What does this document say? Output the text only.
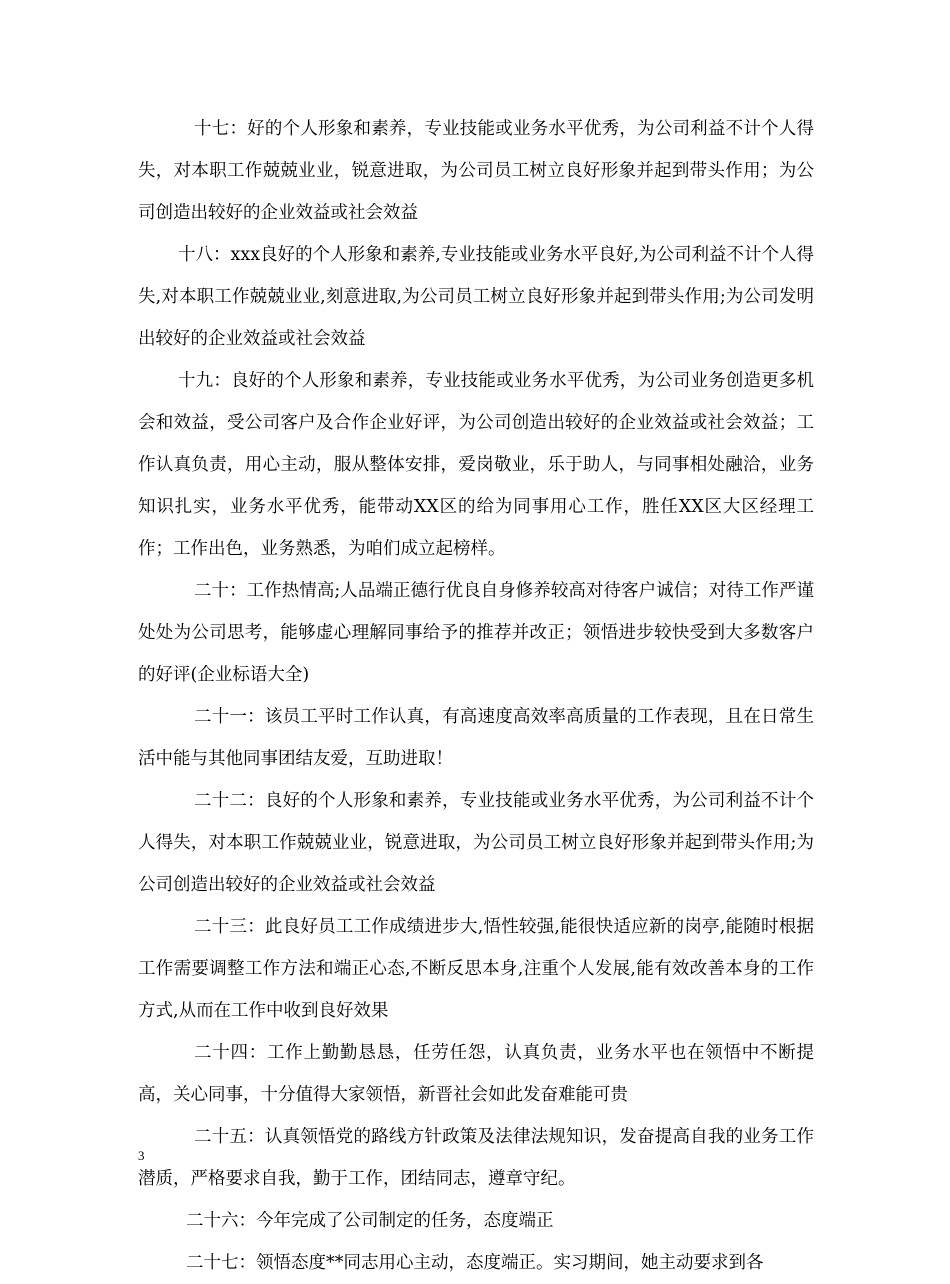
十七：好的个人形象和素养，专业技能或业务水平优秀，为公司利益不计个人得失，对本职工作兢兢业业，锐意进取，为公司员工树立良好形象并起到带头作用；为公司创造出较好的企业效益或社会效益

十八：xxx良好的个人形象和素养,专业技能或业务水平良好,为公司利益不计个人得失,对本职工作兢兢业业,刻意进取,为公司员工树立良好形象并起到带头作用;为公司发明出较好的企业效益或社会效益

十九：良好的个人形象和素养，专业技能或业务水平优秀，为公司业务创造更多机会和效益，受公司客户及合作企业好评，为公司创造出较好的企业效益或社会效益；工作认真负责，用心主动，服从整体安排，爱岗敬业，乐于助人，与同事相处融洽，业务知识扎实，业务水平优秀，能带动XX区的给为同事用心工作，胜任XX区大区经理工作；工作出色，业务熟悉，为咱们成立起榜样。

二十：工作热情高;人品端正德行优良自身修养较高对待客户诚信；对待工作严谨处处为公司思考，能够虚心理解同事给予的推荐并改正；领悟进步较快受到大多数客户的好评(企业标语大全)

二十一：该员工平时工作认真，有高速度高效率高质量的工作表现，且在日常生活中能与其他同事团结友爱，互助进取！

二十二：良好的个人形象和素养，专业技能或业务水平优秀，为公司利益不计个人得失，对本职工作兢兢业业，锐意进取，为公司员工树立良好形象并起到带头作用;为公司创造出较好的企业效益或社会效益

二十三：此良好员工工作成绩进步大,悟性较强,能很快适应新的岗亭,能随时根据工作需要调整工作方法和端正心态,不断反思本身,注重个人发展,能有效改善本身的工作方式,从而在工作中收到良好效果

二十四：工作上勤勤恳恳，任劳任怨，认真负责，业务水平也在领悟中不断提高，关心同事，十分值得大家领悟，新晋社会如此发奋难能可贵

二十五：认真领悟党的路线方针政策及法律法规知识，发奋提高自我的业务工作潜质，严格要求自我，勤于工作，团结同志，遵章守纪。

二十六：今年完成了公司制定的任务，态度端正

二十七：领悟态度**同志用心主动，态度端正。实习期间，她主动要求到各

3
